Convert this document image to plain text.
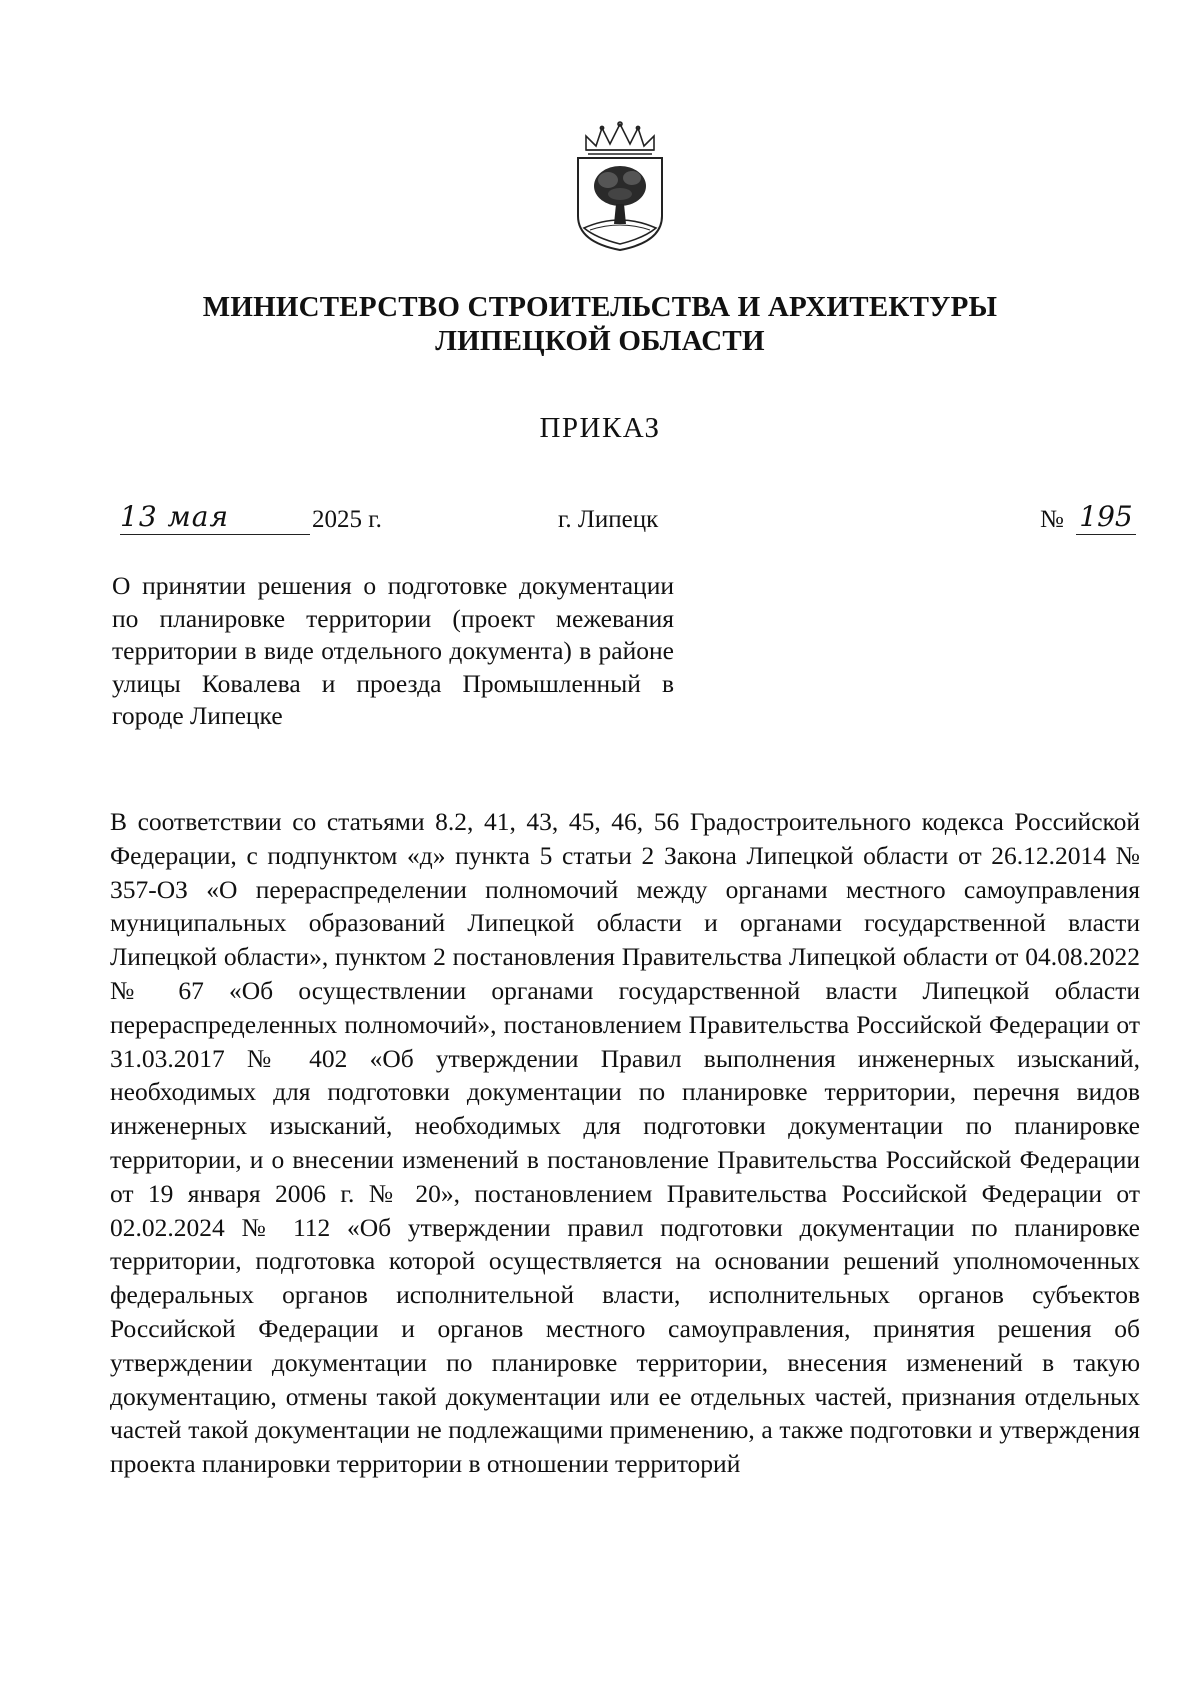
МИНИСТЕРСТВО СТРОИТЕЛЬСТВА И АРХИТЕКТУРЫ
ЛИПЕЦКОЙ ОБЛАСТИ
ПРИКАЗ
13 мая	2025 г.	г. Липецк	№ 195
О принятии решения о подготовке документации по планировке территории (проект межевания территории в виде отдельного документа) в районе улицы Ковалева и проезда Промышленный в городе Липецке
В соответствии со статьями 8.2, 41, 43, 45, 46, 56 Градостроительного кодекса Российской Федерации, с подпунктом «д» пункта 5 статьи 2 Закона Липецкой области от 26.12.2014 № 357-ОЗ «О перераспределении полномочий между органами местного самоуправления муниципальных образований Липецкой области и органами государственной власти Липецкой области», пунктом 2 постановления Правительства Липецкой области от 04.08.2022 № 67 «Об осуществлении органами государственной власти Липецкой области перераспределенных полномочий», постановлением Правительства Российской Федерации от 31.03.2017 № 402 «Об утверждении Правил выполнения инженерных изысканий, необходимых для подготовки документации по планировке территории, перечня видов инженерных изысканий, необходимых для подготовки документации по планировке территории, и о внесении изменений в постановление Правительства Российской Федерации от 19 января 2006 г. № 20», постановлением Правительства Российской Федерации от 02.02.2024 № 112 «Об утверждении правил подготовки документации по планировке территории, подготовка которой осуществляется на основании решений уполномоченных федеральных органов исполнительной власти, исполнительных органов субъектов Российской Федерации и органов местного самоуправления, принятия решения об утверждении документации по планировке территории, внесения изменений в такую документацию, отмены такой документации или ее отдельных частей, признания отдельных частей такой документации не подлежащими применению, а также подготовки и утверждения проекта планировки территории в отношении территорий
